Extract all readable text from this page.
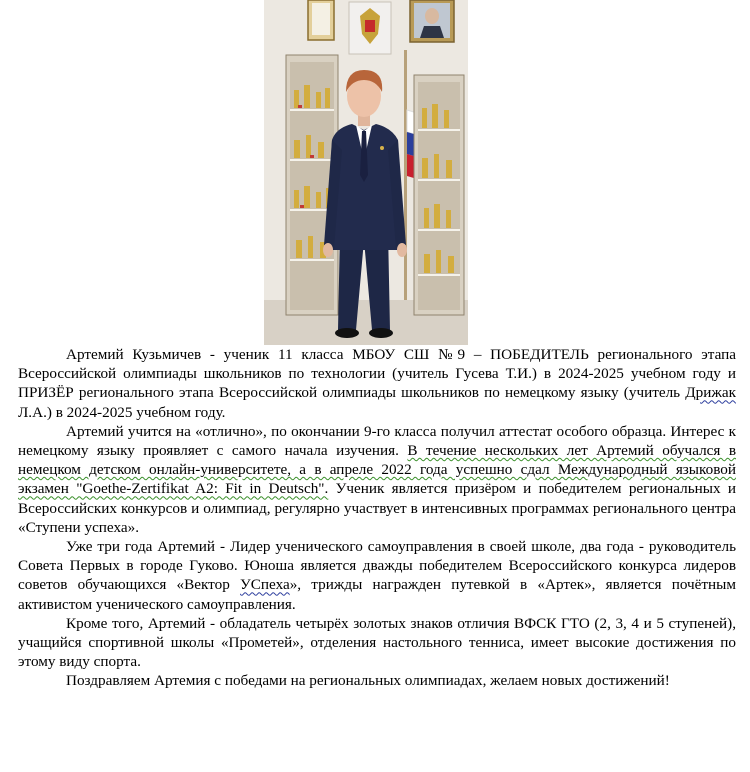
Артемий Кузьмичев - ученик 11 класса МБОУ СШ №9 – ПОБЕДИТЕЛЬ регионального этапа Всероссийской олимпиады школьников по технологии (учитель Гусева Т.И.) в 2024-2025 учебном году и ПРИЗЁР регионального этапа Всероссийской олимпиады школьников по немецкому языку (учитель Дрижак Л.А.) в 2024-2025 учебном году.

Артемий учится на «отлично», по окончании 9-го класса получил аттестат особого образца. Интерес к немецкому языку проявляет с самого начала изучения. В течение нескольких лет Артемий обучался в немецком детском онлайн-университете, а в апреле 2022 года успешно сдал Международный языковой экзамен "Goethe-Zertifikat A2: Fit in Deutsch". Ученик является призёром и победителем региональных и Всероссийских конкурсов и олимпиад, регулярно участвует в интенсивных программах регионального центра «Ступени успеха».

Уже три года Артемий - Лидер ученического самоуправления в своей школе, два года - руководитель Совета Первых в городе Гуково. Юноша является дважды победителем Всероссийского конкурса лидеров советов обучающихся «Вектор УСпеха», трижды награжден путевкой в «Артек», является почётным активистом ученического самоуправления.

Кроме того, Артемий - обладатель четырёх золотых знаков отличия ВФСК ГТО (2, 3, 4 и 5 ступеней), учащийся спортивной школы «Прометей», отделения настольного тенниса, имеет высокие достижения по этому виду спорта.

Поздравляем Артемия с победами на региональных олимпиадах, желаем новых достижений!
